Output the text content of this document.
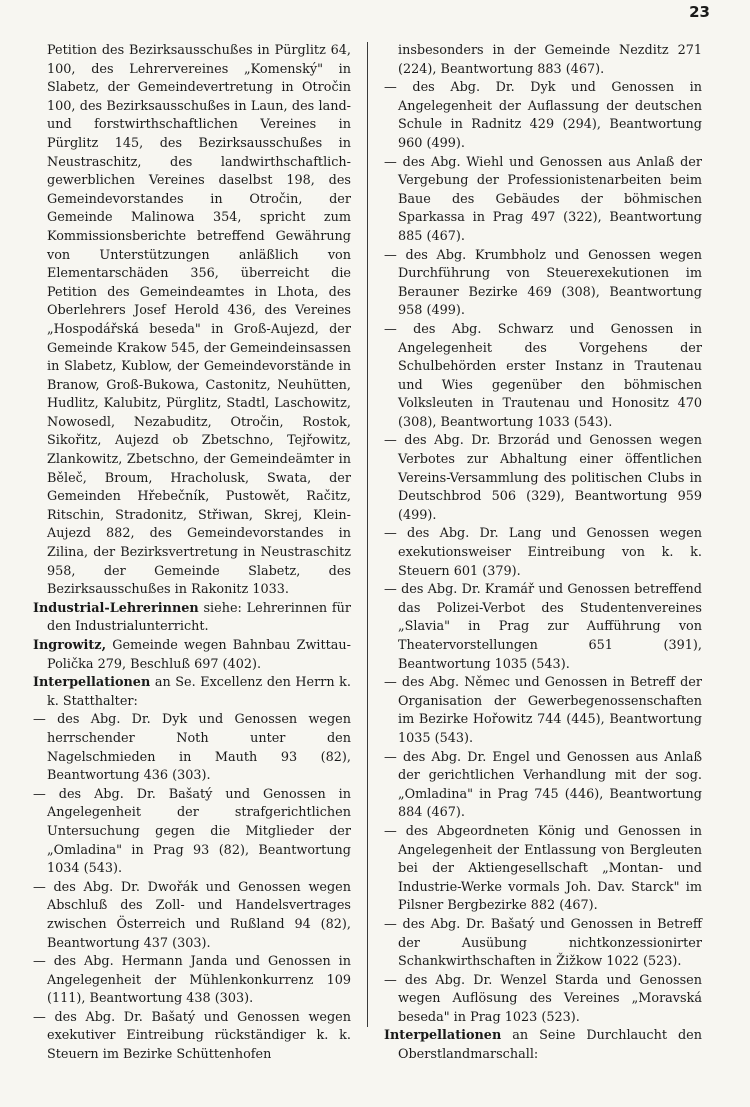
23

Petition des Bezirksausschußes in Pürglitz 64, 100, des Lehrervereines „Komenský" in Slabetz, der Gemeindevertretung in Otročin 100, des Bezirksausschußes in Laun, des land- und forstwirthschaftlichen Vereines in Pürglitz 145, des Bezirksausschußes in Neustraschitz, des landwirthschaftlich-gewerblichen Vereines daselbst 198, des Gemeindevorstandes in Otročin, der Gemeinde Malinowa 354, spricht zum Kommissionsberichte betreffend Gewährung von Unterstützungen anläßlich von Elementarschäden 356, überreicht die Petition des Gemeindeamtes in Lhota, des Oberlehrers Josef Herold 436, des Vereines „Hospodářská beseda" in Groß-Aujezd, der Gemeinde Krakow 545, der Gemeindeinsassen in Slabetz, Kublow, der Gemeindevorstände in Branow, Groß-Bukowa, Castonitz, Neuhütten, Hudlitz, Kalubitz, Pürglitz, Stadtl, Laschowitz, Nowosedl, Nezabuditz, Otročin, Rostok, Sikořitz, Aujezd ob Zbetschno, Tejřowitz, Zlankowitz, Zbetschno, der Gemeindeämter in Běleč, Broum, Hracholusk, Swata, der Gemeinden Hřebečník, Pustowět, Račitz, Ritschin, Stradonitz, Střiwan, Skrej, Klein-Aujezd 882, des Gemeindevorstandes in Zilina, der Bezirksvertretung in Neustraschitz 958, der Gemeinde Slabetz, des Bezirksausschußes in Rakonitz 1033.

Industrial-Lehrerinnen siehe: Lehrerinnen für den Industrialunterricht.

Ingrowitz, Gemeinde wegen Bahnbau Zwittau-Polička 279, Beschluß 697 (402).

Interpellationen an Se. Excellenz den Herrn k. k. Statthalter:

— des Abg. Dr. Dyk und Genossen wegen herrschender Noth unter den Nagelschmieden in Mauth 93 (82), Beantwortung 436 (303).

— des Abg. Dr. Bašatý und Genossen in Angelegenheit der strafgerichtlichen Untersuchung gegen die Mitglieder der „Omladina" in Prag 93 (82), Beantwortung 1034 (543).

— des Abg. Dr. Dwořák und Genossen wegen Abschluß des Zoll- und Handelsvertrages zwischen Österreich und Rußland 94 (82), Beantwortung 437 (303).

— des Abg. Hermann Janda und Genossen in Angelegenheit der Mühlenkonkurrenz 109 (111), Beantwortung 438 (303).

— des Abg. Dr. Bašatý und Genossen wegen exekutiver Eintreibung rückständiger k. k. Steuern im Bezirke Schüttenhofen

insbesonders in der Gemeinde Nezditz 271 (224), Beantwortung 883 (467).

— des Abg. Dr. Dyk und Genossen in Angelegenheit der Auflassung der deutschen Schule in Radnitz 429 (294), Beantwortung 960 (499).

— des Abg. Wiehl und Genossen aus Anlaß der Vergebung der Professionistenarbeiten beim Baue des Gebäudes der böhmischen Sparkassa in Prag 497 (322), Beantwortung 885 (467).

— des Abg. Krumbholz und Genossen wegen Durchführung von Steuerexekutionen im Berauner Bezirke 469 (308), Beantwortung 958 (499).

— des Abg. Schwarz und Genossen in Angelegenheit des Vorgehens der Schulbehörden erster Instanz in Trautenau und Wies gegenüber den böhmischen Volksleuten in Trautenau und Honositz 470 (308), Beantwortung 1033 (543).

— des Abg. Dr. Brzorád und Genossen wegen Verbotes zur Abhaltung einer öffentlichen Vereins-Versammlung des politischen Clubs in Deutschbrod 506 (329), Beantwortung 959 (499).

— des Abg. Dr. Lang und Genossen wegen exekutionsweiser Eintreibung von k. k. Steuern 601 (379).

— des Abg. Dr. Kramář und Genossen betreffend das Polizei-Verbot des Studentenvereines „Slavia" in Prag zur Aufführung von Theatervorstellungen 651 (391), Beantwortung 1035 (543).

— des Abg. Němec und Genossen in Betreff der Organisation der Gewerbegenossenschaften im Bezirke Hořowitz 744 (445), Beantwortung 1035 (543).

— des Abg. Dr. Engel und Genossen aus Anlaß der gerichtlichen Verhandlung mit der sog. „Omladina" in Prag 745 (446), Beantwortung 884 (467).

— des Abgeordneten König und Genossen in Angelegenheit der Entlassung von Bergleuten bei der Aktiengesellschaft „Montan- und Industrie-Werke vormals Joh. Dav. Starck" im Pilsner Bergbezirke 882 (467).

— des Abg. Dr. Bašatý und Genossen in Betreff der Ausübung nichtkonzessionirter Schankwirthschaften in Žižkow 1022 (523).

— des Abg. Dr. Wenzel Starda und Genossen wegen Auflösung des Vereines „Moravská beseda" in Prag 1023 (523).

Interpellationen an Seine Durchlaucht den Oberstlandmarschall:
